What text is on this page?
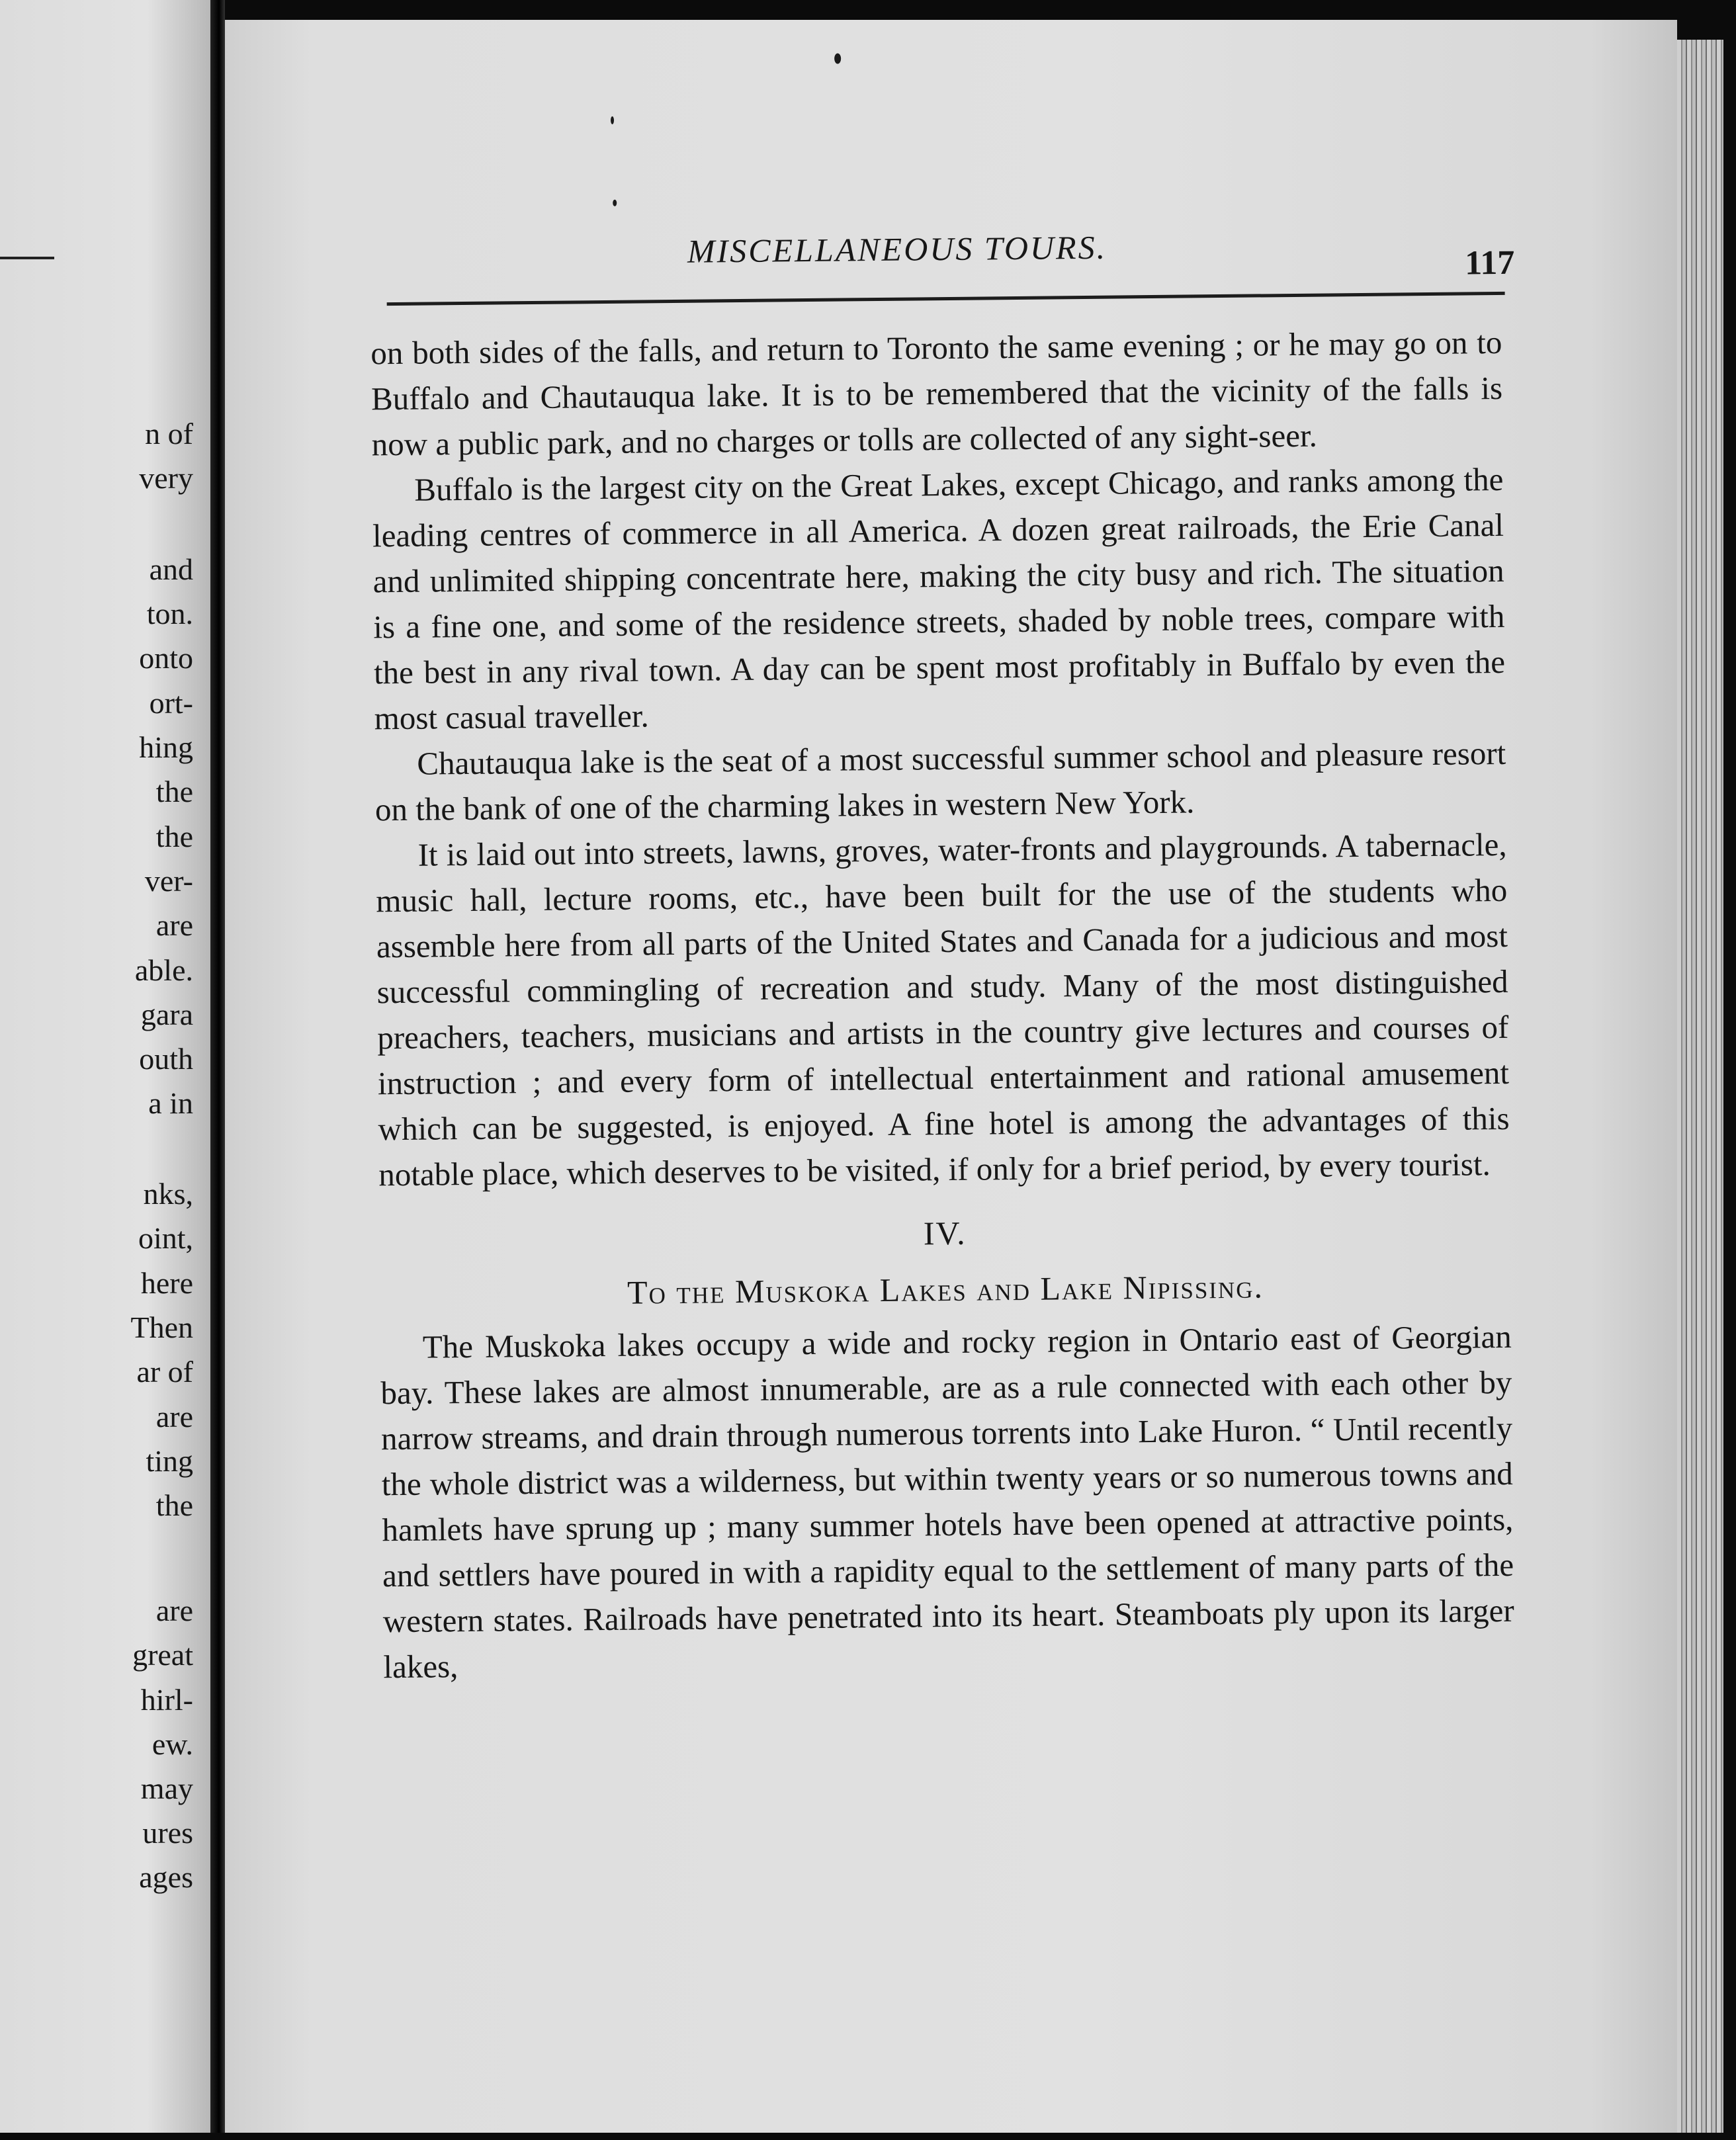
n of
very
and
ton.
onto
ort-
hing
the
the
ver-
are
able.
gara
outh
a in
nks,
oint,
here
Then
ar of
are
ting
the
are
great
hirl-
ew.
may
ures
ages
MISCELLANEOUS TOURS.	117

on both sides of the falls, and return to Toronto the same evening ; or he may go on to Buffalo and Chautauqua lake. It is to be remembered that the vicinity of the falls is now a public park, and no charges or tolls are collected of any sight-seer.

Buffalo is the largest city on the Great Lakes, except Chicago, and ranks among the leading centres of commerce in all America. A dozen great railroads, the Erie Canal and unlimited shipping concentrate here, making the city busy and rich. The situation is a fine one, and some of the residence streets, shaded by noble trees, compare with the best in any rival town. A day can be spent most profitably in Buffalo by even the most casual traveller.

Chautauqua lake is the seat of a most successful summer school and pleasure resort on the bank of one of the charming lakes in western New York.

It is laid out into streets, lawns, groves, water-fronts and playgrounds. A tabernacle, music hall, lecture rooms, etc., have been built for the use of the students who assemble here from all parts of the United States and Canada for a judicious and most successful commingling of recreation and study. Many of the most distinguished preachers, teachers, musicians and artists in the country give lectures and courses of instruction ; and every form of intellectual entertainment and rational amusement which can be suggested, is enjoyed. A fine hotel is among the advantages of this notable place, which deserves to be visited, if only for a brief period, by every tourist.

IV.
To the Muskoka Lakes and Lake Nipissing.

The Muskoka lakes occupy a wide and rocky region in Ontario east of Georgian bay. These lakes are almost innumerable, are as a rule connected with each other by narrow streams, and drain through numerous torrents into Lake Huron. “ Until recently the whole district was a wilderness, but within twenty years or so numerous towns and hamlets have sprung up ; many summer hotels have been opened at attractive points, and settlers have poured in with a rapidity equal to the settlement of many parts of the western states. Railroads have penetrated into its heart. Steamboats ply upon its larger lakes,
